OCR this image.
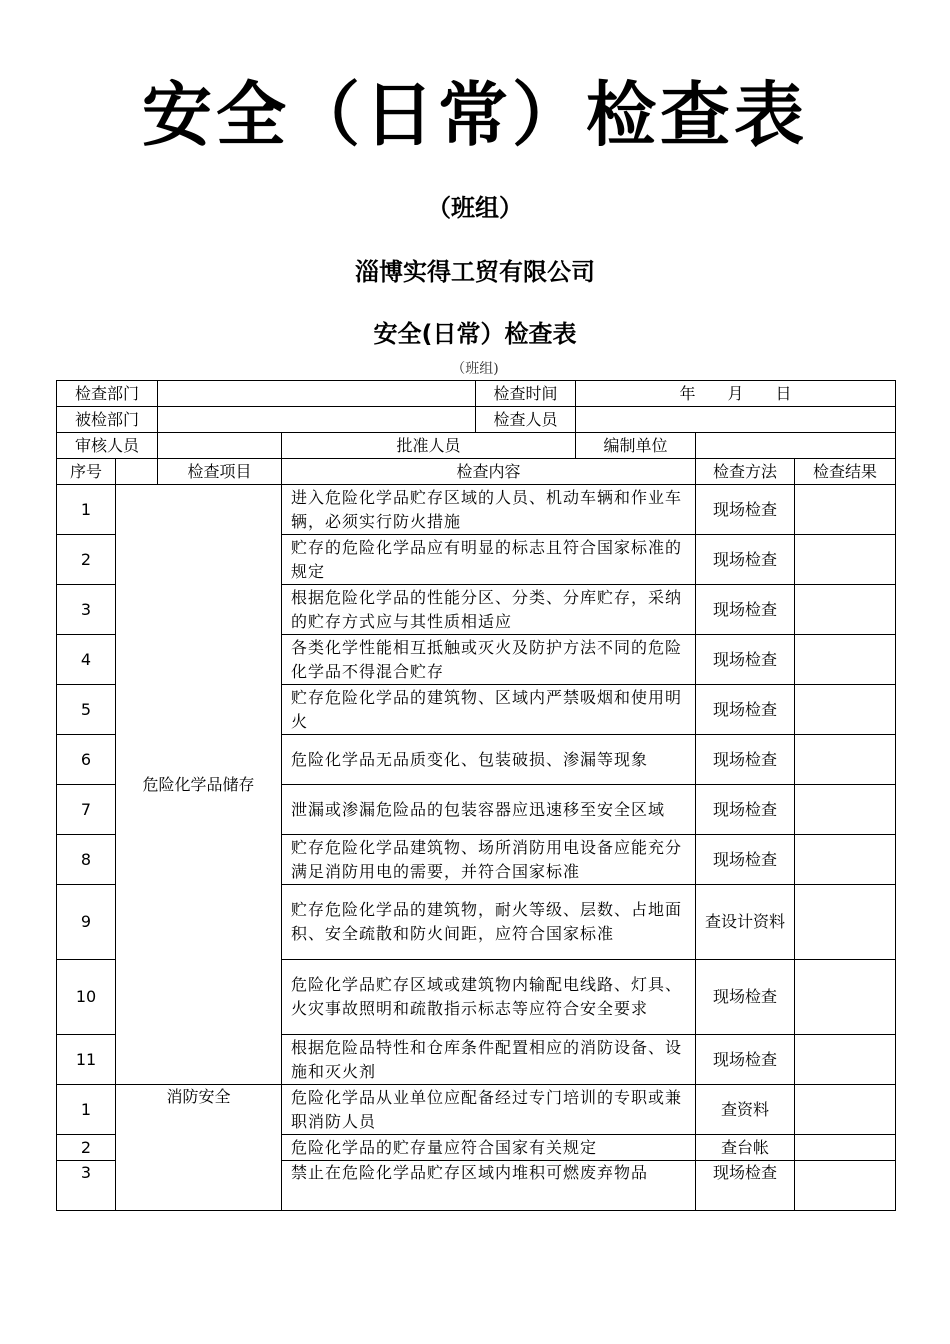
安全（日常）检查表
（班组）
淄博实得工贸有限公司
安全(日常）检查表
（班组)
检查部门				检查时间	年　　月　　日		
被检部门				检查人员			
审核人员			批准人员		编制单位		
序号		检查项目	检查内容			检查方法	检查结果
1	危险化学品储存		进入危险化学品贮存区域的人员、机动车辆和作业车辆，必须实行防火措施			现场检查	
2			贮存的危险化学品应有明显的标志且符合国家标准的规定			现场检查	
3			根据危险化学品的性能分区、分类、分库贮存，采纳的贮存方式应与其性质相适应			现场检查	
4			各类化学性能相互抵触或灭火及防护方法不同的危险化学品不得混合贮存			现场检查	
5			贮存危险化学品的建筑物、区域内严禁吸烟和使用明火			现场检查	
6			危险化学品无品质变化、包装破损、渗漏等现象			现场检查	
7			泄漏或渗漏危险品的包装容器应迅速移至安全区域			现场检查	
8			贮存危险化学品建筑物、场所消防用电设备应能充分满足消防用电的需要，并符合国家标准			现场检查	
9			贮存危险化学品的建筑物，耐火等级、层数、占地面积、安全疏散和防火间距，应符合国家标准			查设计资料	
10			危险化学品贮存区域或建筑物内输配电线路、灯具、火灾事故照明和疏散指示标志等应符合安全要求			现场检查	
11			根据危险品特性和仓库条件配置相应的消防设备、设施和灭火剂			现场检查	
1	消防安全		危险化学品从业单位应配备经过专门培训的专职或兼职消防人员			查资料	
2			危险化学品的贮存量应符合国家有关规定			查台帐	
3			禁止在危险化学品贮存区域内堆积可燃废弃物品			现场检查	
